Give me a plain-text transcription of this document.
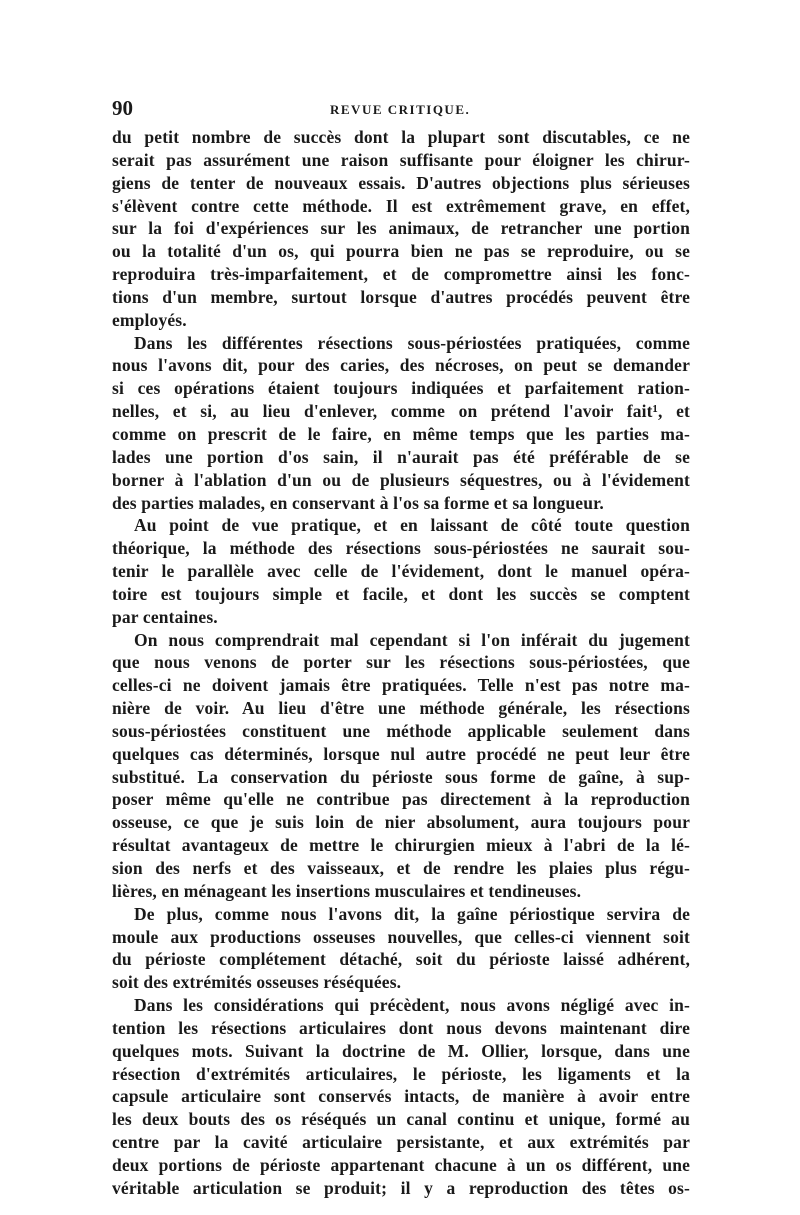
90	REVUE CRITIQUE.
du petit nombre de succès dont la plupart sont discutables, ce ne
serait pas assurément une raison suffisante pour éloigner les chirur-
giens de tenter de nouveaux essais. D'autres objections plus sérieuses
s'élèvent contre cette méthode. Il est extrêmement grave, en effet,
sur la foi d'expériences sur les animaux, de retrancher une portion
ou la totalité d'un os, qui pourra bien ne pas se reproduire, ou se
reproduira très-imparfaitement, et de compromettre ainsi les fonc-
tions d'un membre, surtout lorsque d'autres procédés peuvent être
employés.
Dans les différentes résections sous-périostées pratiquées, comme
nous l'avons dit, pour des caries, des nécroses, on peut se demander
si ces opérations étaient toujours indiquées et parfaitement ration-
nelles, et si, au lieu d'enlever, comme on prétend l'avoir fait¹, et
comme on prescrit de le faire, en même temps que les parties ma-
lades une portion d'os sain, il n'aurait pas été préférable de se
borner à l'ablation d'un ou de plusieurs séquestres, ou à l'évidement
des parties malades, en conservant à l'os sa forme et sa longueur.
Au point de vue pratique, et en laissant de côté toute question
théorique, la méthode des résections sous-périostées ne saurait sou-
tenir le parallèle avec celle de l'évidement, dont le manuel opéra-
toire est toujours simple et facile, et dont les succès se comptent
par centaines.
On nous comprendrait mal cependant si l'on inférait du jugement
que nous venons de porter sur les résections sous-périostées, que
celles-ci ne doivent jamais être pratiquées. Telle n'est pas notre ma-
nière de voir. Au lieu d'être une méthode générale, les résections
sous-périostées constituent une méthode applicable seulement dans
quelques cas déterminés, lorsque nul autre procédé ne peut leur être
substitué. La conservation du périoste sous forme de gaîne, à sup-
poser même qu'elle ne contribue pas directement à la reproduction
osseuse, ce que je suis loin de nier absolument, aura toujours pour
résultat avantageux de mettre le chirurgien mieux à l'abri de la lé-
sion des nerfs et des vaisseaux, et de rendre les plaies plus régu-
lières, en ménageant les insertions musculaires et tendineuses.
De plus, comme nous l'avons dit, la gaîne périostique servira de
moule aux productions osseuses nouvelles, que celles-ci viennent soit
du périoste complétement détaché, soit du périoste laissé adhérent,
soit des extrémités osseuses réséquées.
Dans les considérations qui précèdent, nous avons négligé avec in-
tention les résections articulaires dont nous devons maintenant dire
quelques mots. Suivant la doctrine de M. Ollier, lorsque, dans une
résection d'extrémités articulaires, le périoste, les ligaments et la
capsule articulaire sont conservés intacts, de manière à avoir entre
les deux bouts des os réséqués un canal continu et unique, formé au
centre par la cavité articulaire persistante, et aux extrémités par
deux portions de périoste appartenant chacune à un os différent, une
véritable articulation se produit; il y a reproduction des têtes os-
